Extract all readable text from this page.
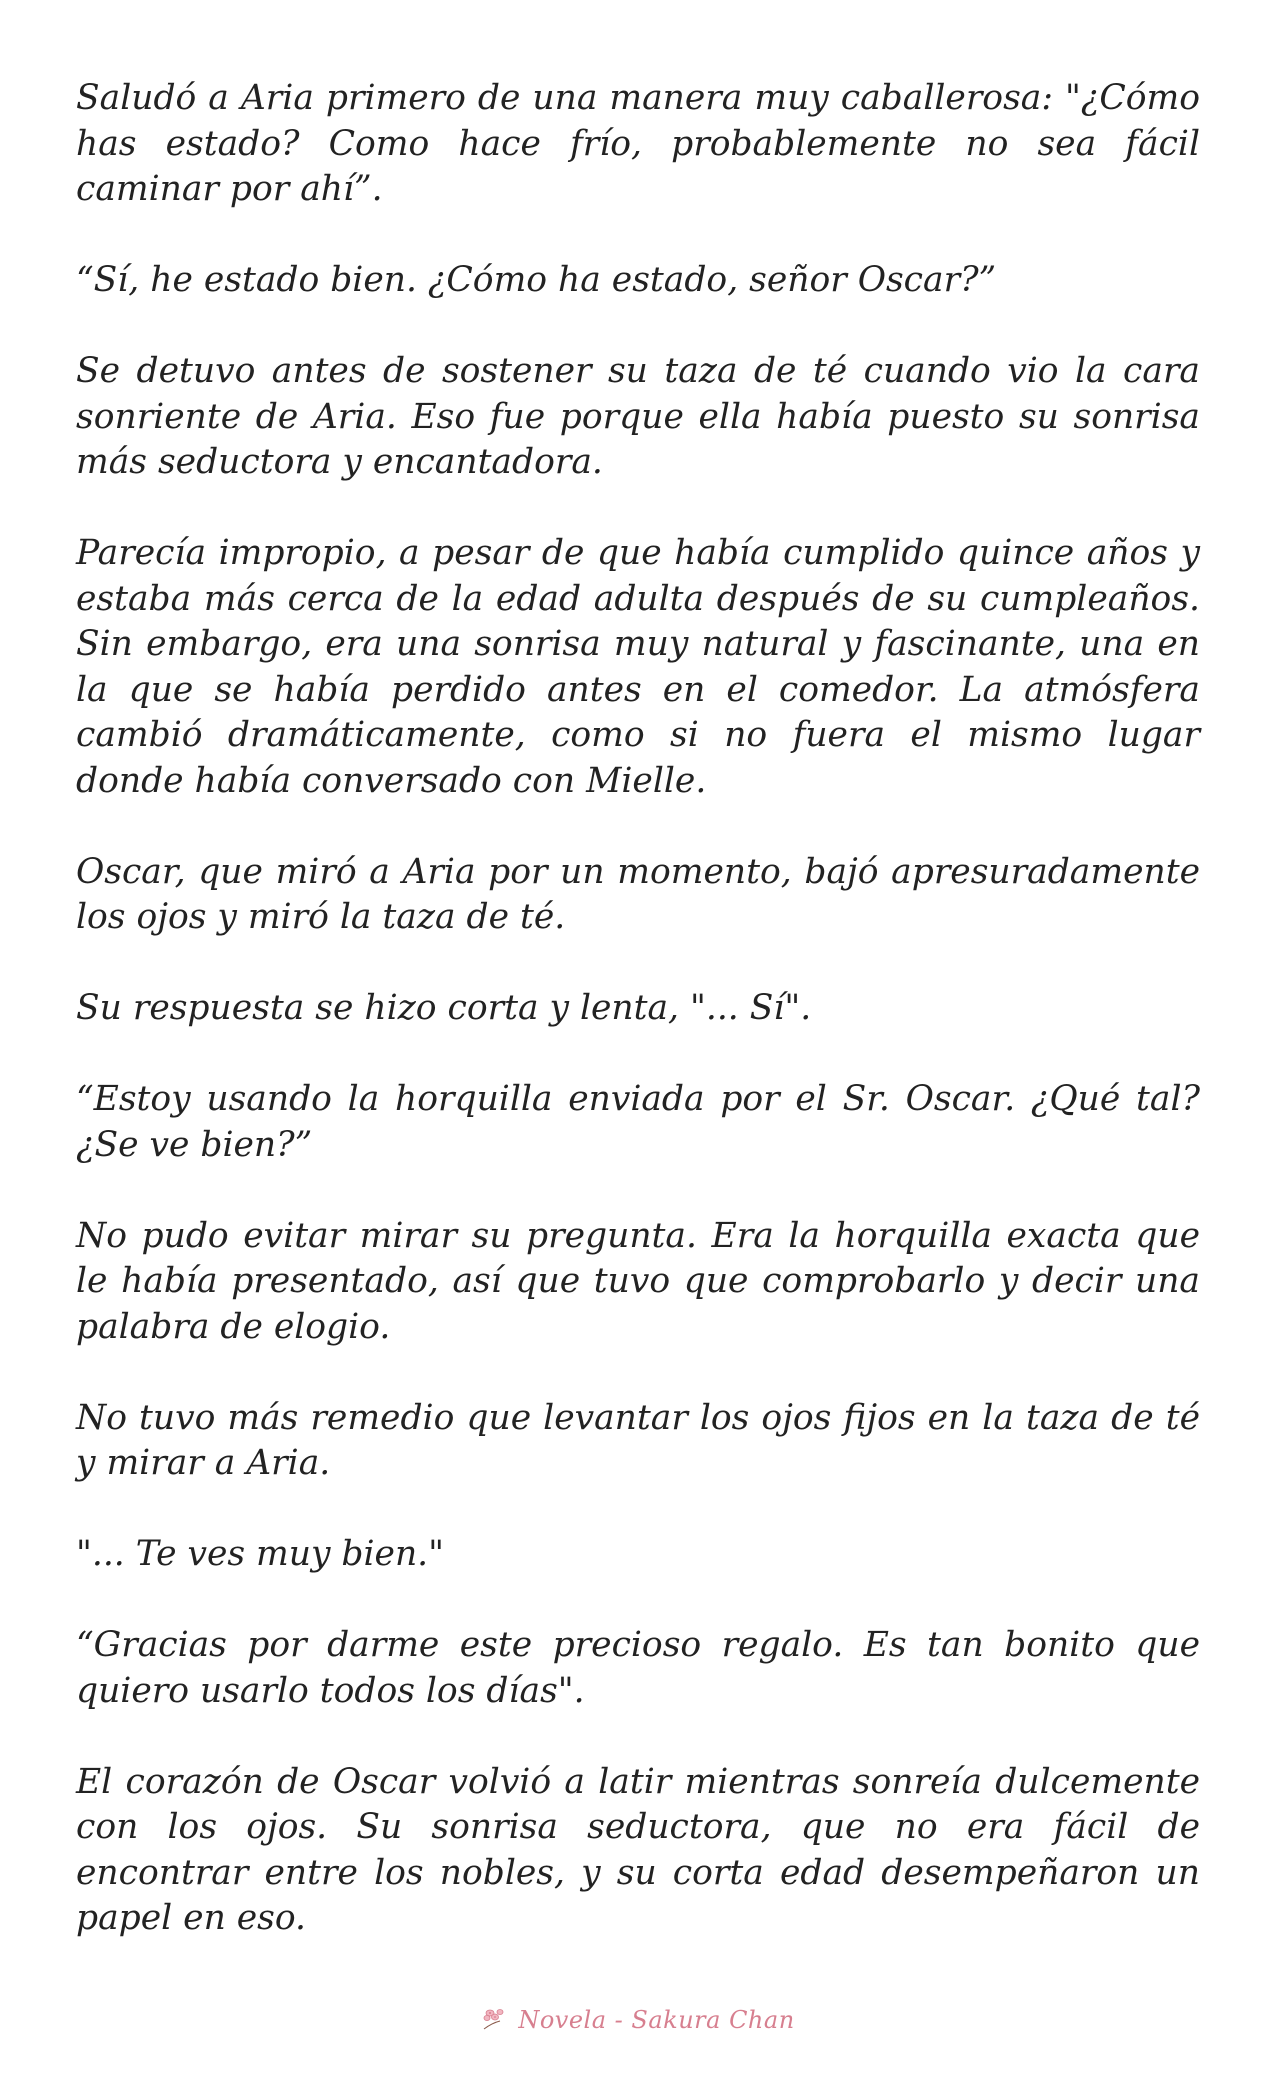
Saludó a Aria primero de una manera muy caballerosa: "¿Cómo has estado? Como hace frío, probablemente no sea fácil caminar por ahí”.

“Sí, he estado bien. ¿Cómo ha estado, señor Oscar?”

Se detuvo antes de sostener su taza de té cuando vio la cara sonriente de Aria. Eso fue porque ella había puesto su sonrisa más seductora y encantadora.

Parecía impropio, a pesar de que había cumplido quince años y estaba más cerca de la edad adulta después de su cumpleaños. Sin embargo, era una sonrisa muy natural y fascinante, una en la que se había perdido antes en el comedor. La atmósfera cambió dramáticamente, como si no fuera el mismo lugar donde había conversado con Mielle.

Oscar, que miró a Aria por un momento, bajó apresuradamente los ojos y miró la taza de té.

Su respuesta se hizo corta y lenta, "... Sí".

“Estoy usando la horquilla enviada por el Sr. Oscar. ¿Qué tal? ¿Se ve bien?”

No pudo evitar mirar su pregunta. Era la horquilla exacta que le había presentado, así que tuvo que comprobarlo y decir una palabra de elogio.

No tuvo más remedio que levantar los ojos fijos en la taza de té y mirar a Aria.

"... Te ves muy bien."

“Gracias por darme este precioso regalo. Es tan bonito que quiero usarlo todos los días".

El corazón de Oscar volvió a latir mientras sonreía dulcemente con los ojos. Su sonrisa seductora, que no era fácil de encontrar entre los nobles, y su corta edad desempeñaron un papel en eso.

Novela - Sakura Chan
